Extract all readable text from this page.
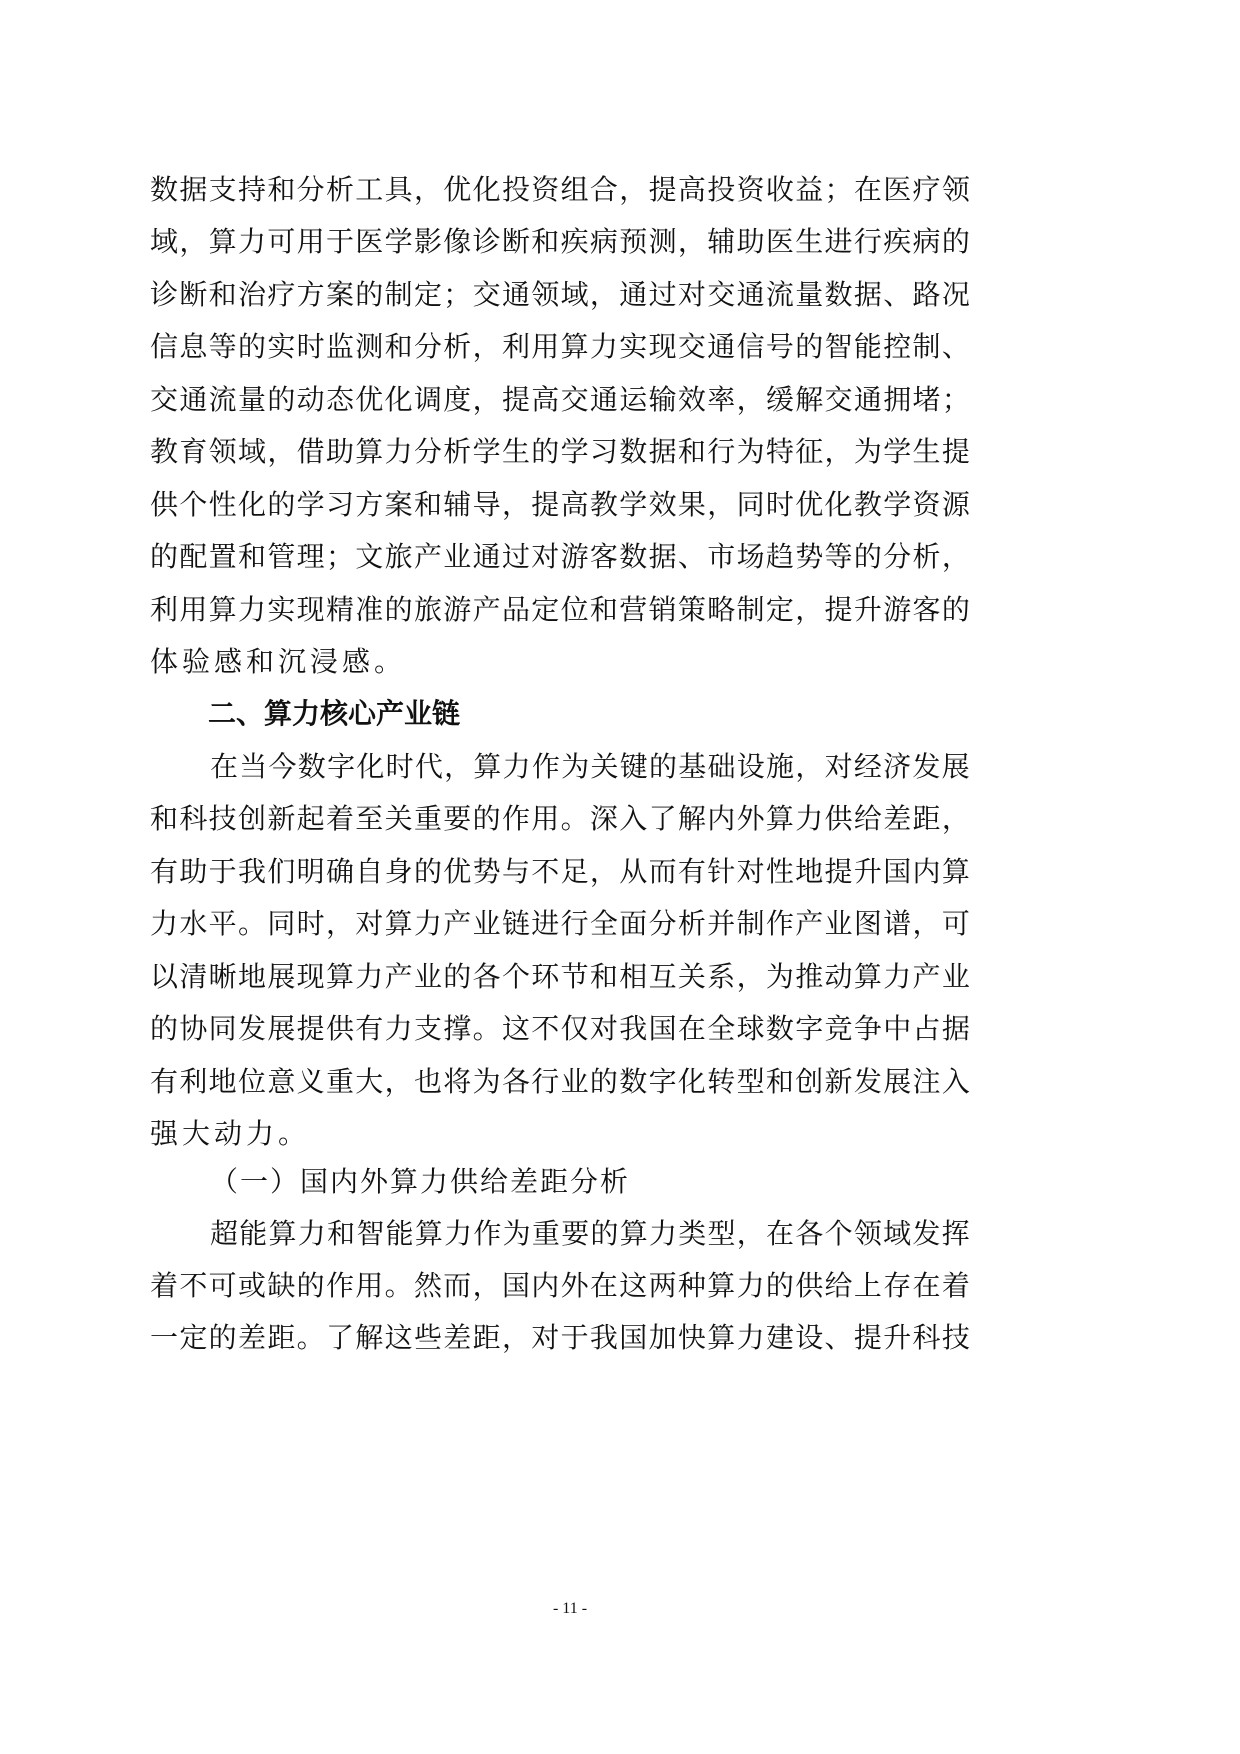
数 据 支 持 和 分 析 工 具 ， 优 化 投 资 组 合 ， 提 高 投 资 收 益 ； 在 医 疗 领
域 ， 算 力 可 用 于 医 学 影 像 诊 断 和 疾 病 预 测 ， 辅 助 医 生 进 行 疾 病 的
诊 断 和 治 疗 方 案 的 制 定 ； 交 通 领 域 ， 通 过 对 交 通 流 量 数 据 、 路 况
信 息 等 的 实 时 监 测 和 分 析 ， 利 用 算 力 实 现 交 通 信 号 的 智 能 控 制 、
交 通 流 量 的 动 态 优 化 调 度 ， 提 高 交 通 运 输 效 率 ， 缓 解 交 通 拥 堵 ；
教 育 领 域 ， 借 助 算 力 分 析 学 生 的 学 习 数 据 和 行 为 特 征 ， 为 学 生 提
供 个 性 化 的 学 习 方 案 和 辅 导 ， 提 高 教 学 效 果 ， 同 时 优 化 教 学 资 源
的 配 置 和 管 理 ； 文 旅 产 业 通 过 对 游 客 数 据 、 市 场 趋 势 等 的 分 析 ，
利 用 算 力 实 现 精 准 的 旅 游 产 品 定 位 和 营 销 策 略 制 定 ， 提 升 游 客 的
体验感和沉浸感。
二、算力核心产业链
在 当 今 数 字 化 时 代 ， 算 力 作 为 关 键 的 基 础 设 施 ， 对 经 济 发 展
和 科 技 创 新 起 着 至 关 重 要 的 作 用 。 深 入 了 解 内 外 算 力 供 给 差 距 ，
有 助 于 我 们 明 确 自 身 的 优 势 与 不 足 ， 从 而 有 针 对 性 地 提 升 国 内 算
力 水 平 。 同 时 ， 对 算 力 产 业 链 进 行 全 面 分 析 并 制 作 产 业 图 谱 ， 可
以 清 晰 地 展 现 算 力 产 业 的 各 个 环 节 和 相 互 关 系 ， 为 推 动 算 力 产 业
的 协 同 发 展 提 供 有 力 支 撑 。 这 不 仅 对 我 国 在 全 球 数 字 竞 争 中 占 据
有 利 地 位 意 义 重 大 ， 也 将 为 各 行 业 的 数 字 化 转 型 和 创 新 发 展 注 入
强大动力。
（一）国内外算力供给差距分析
超 能 算 力 和 智 能 算 力 作 为 重 要 的 算 力 类 型 ， 在 各 个 领 域 发 挥
着 不 可 或 缺 的 作 用 。 然 而 ， 国 内 外 在 这 两 种 算 力 的 供 给 上 存 在 着
一 定 的 差 距 。 了 解 这 些 差 距 ， 对 于 我 国 加 快 算 力 建 设 、 提 升 科 技
- 11 -
